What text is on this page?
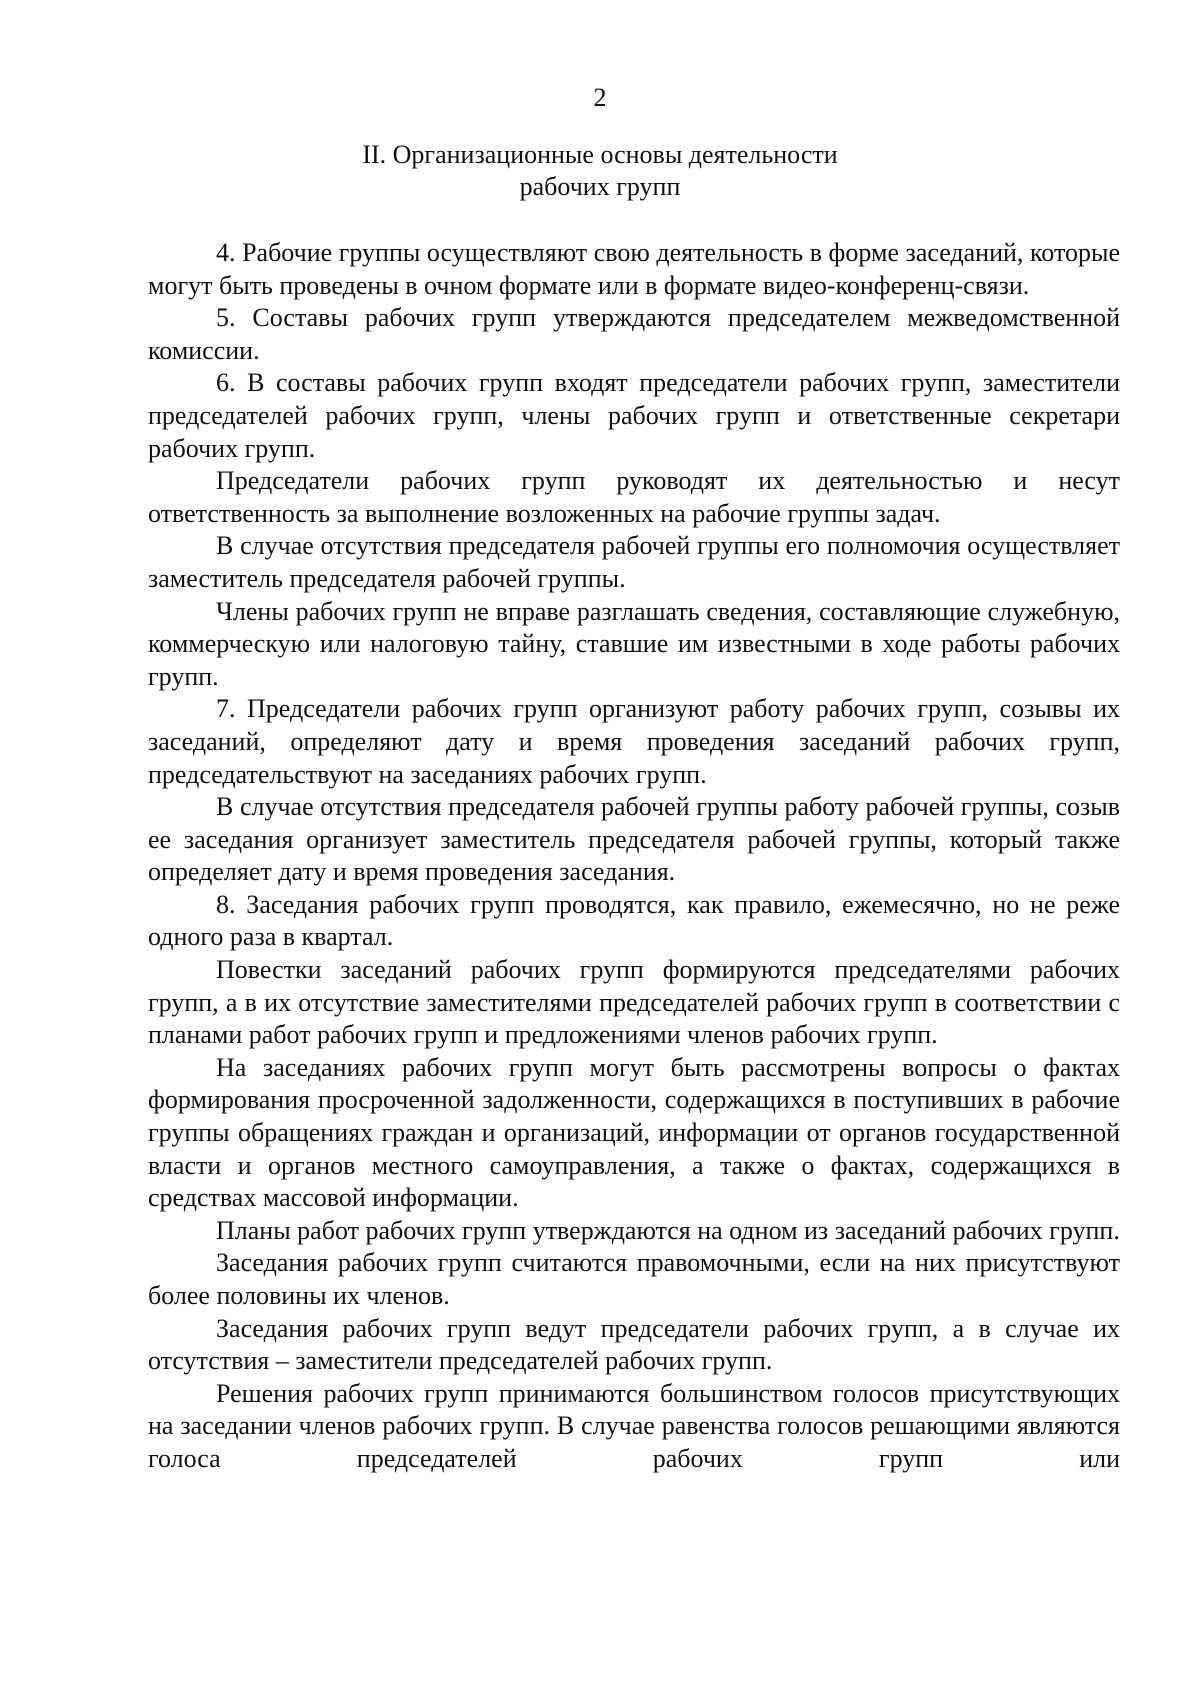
2
II. Организационные основы деятельности
рабочих групп

4. Рабочие группы осуществляют свою деятельность в форме заседаний, которые могут быть проведены в очном формате или в формате видео-конференц-связи.

5. Составы рабочих групп утверждаются председателем межведомственной комиссии.

6. В составы рабочих групп входят председатели рабочих групп, заместители председателей рабочих групп, члены рабочих групп и ответственные секретари рабочих групп.

Председатели рабочих групп руководят их деятельностью и несут ответственность за выполнение возложенных на рабочие группы задач.

В случае отсутствия председателя рабочей группы его полномочия осуществляет заместитель председателя рабочей группы.

Члены рабочих групп не вправе разглашать сведения, составляющие служебную, коммерческую или налоговую тайну, ставшие им известными в ходе работы рабочих групп.

7. Председатели рабочих групп организуют работу рабочих групп, созывы их заседаний, определяют дату и время проведения заседаний рабочих групп, председательствуют на заседаниях рабочих групп.

В случае отсутствия председателя рабочей группы работу рабочей группы, созыв ее заседания организует заместитель председателя рабочей группы, который также определяет дату и время проведения заседания.

8. Заседания рабочих групп проводятся, как правило, ежемесячно, но не реже одного раза в квартал.

Повестки заседаний рабочих групп формируются председателями рабочих групп, а в их отсутствие заместителями председателей рабочих групп в соответствии с планами работ рабочих групп и предложениями членов рабочих групп.

На заседаниях рабочих групп могут быть рассмотрены вопросы о фактах формирования просроченной задолженности, содержащихся в поступивших в рабочие группы обращениях граждан и организаций, информации от органов государственной власти и органов местного самоуправления, а также о фактах, содержащихся в средствах массовой информации.

Планы работ рабочих групп утверждаются на одном из заседаний рабочих групп.

Заседания рабочих групп считаются правомочными, если на них присутствуют более половины их членов.

Заседания рабочих групп ведут председатели рабочих групп, а в случае их отсутствия – заместители председателей рабочих групп.

Решения рабочих групп принимаются большинством голосов присутствующих на заседании членов рабочих групп. В случае равенства голосов решающими являются голоса председателей рабочих групп или
